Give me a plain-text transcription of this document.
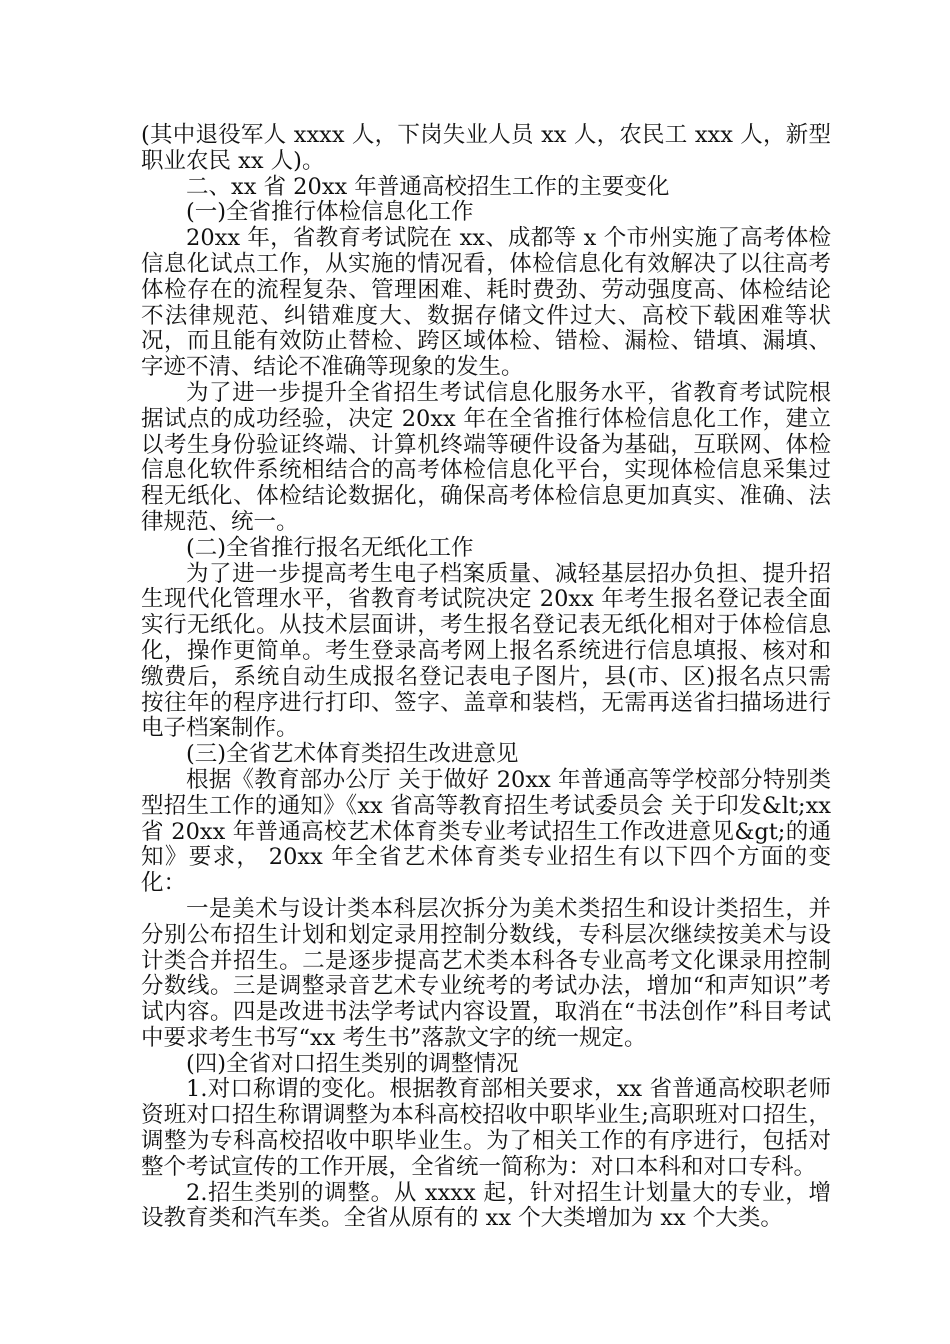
(其中退役军人 xxxx 人，下岗失业人员 xx 人，农民工 xxx 人，新型职业农民 xx 人)。

二、xx 省 20xx 年普通高校招生工作的主要变化

(一)全省推行体检信息化工作

20xx 年，省教育考试院在 xx、成都等 x 个市州实施了高考体检信息化试点工作，从实施的情况看，体检信息化有效解决了以往高考体检存在的流程复杂、管理困难、耗时费劲、劳动强度高、体检结论不法律规范、纠错难度大、数据存储文件过大、高校下载困难等状况，而且能有效防止替检、跨区域体检、错检、漏检、错填、漏填、字迹不清、结论不准确等现象的发生。

为了进一步提升全省招生考试信息化服务水平，省教育考试院根据试点的成功经验，决定 20xx 年在全省推行体检信息化工作，建立以考生身份验证终端、计算机终端等硬件设备为基础，互联网、体检信息化软件系统相结合的高考体检信息化平台，实现体检信息采集过程无纸化、体检结论数据化，确保高考体检信息更加真实、准确、法律规范、统一。

(二)全省推行报名无纸化工作

为了进一步提高考生电子档案质量、减轻基层招办负担、提升招生现代化管理水平，省教育考试院决定 20xx 年考生报名登记表全面实行无纸化。从技术层面讲，考生报名登记表无纸化相对于体检信息化，操作更简单。考生登录高考网上报名系统进行信息填报、核对和缴费后，系统自动生成报名登记表电子图片，县(市、区)报名点只需按往年的程序进行打印、签字、盖章和装档，无需再送省扫描场进行电子档案制作。

(三)全省艺术体育类招生改进意见

根据《教育部办公厅 关于做好 20xx 年普通高等学校部分特别类型招生工作的通知》《xx 省高等教育招生考试委员会 关于印发&lt;xx 省 20xx 年普通高校艺术体育类专业考试招生工作改进意见&gt;的通知》要求， 20xx 年全省艺术体育类专业招生有以下四个方面的变化：

一是美术与设计类本科层次拆分为美术类招生和设计类招生，并分别公布招生计划和划定录用控制分数线，专科层次继续按美术与设计类合并招生。二是逐步提高艺术类本科各专业高考文化课录用控制分数线。三是调整录音艺术专业统考的考试办法，增加“和声知识”考试内容。四是改进书法学考试内容设置，取消在“书法创作”科目考试中要求考生书写“xx 考生书”落款文字的统一规定。

(四)全省对口招生类别的调整情况

1.对口称谓的变化。根据教育部相关要求，xx 省普通高校职老师资班对口招生称谓调整为本科高校招收中职毕业生;高职班对口招生，调整为专科高校招收中职毕业生。为了相关工作的有序进行，包括对整个考试宣传的工作开展，全省统一简称为：对口本科和对口专科。

2.招生类别的调整。从 xxxx 起，针对招生计划量大的专业，增设教育类和汽车类。全省从原有的 xx 个大类增加为 xx 个大类。
